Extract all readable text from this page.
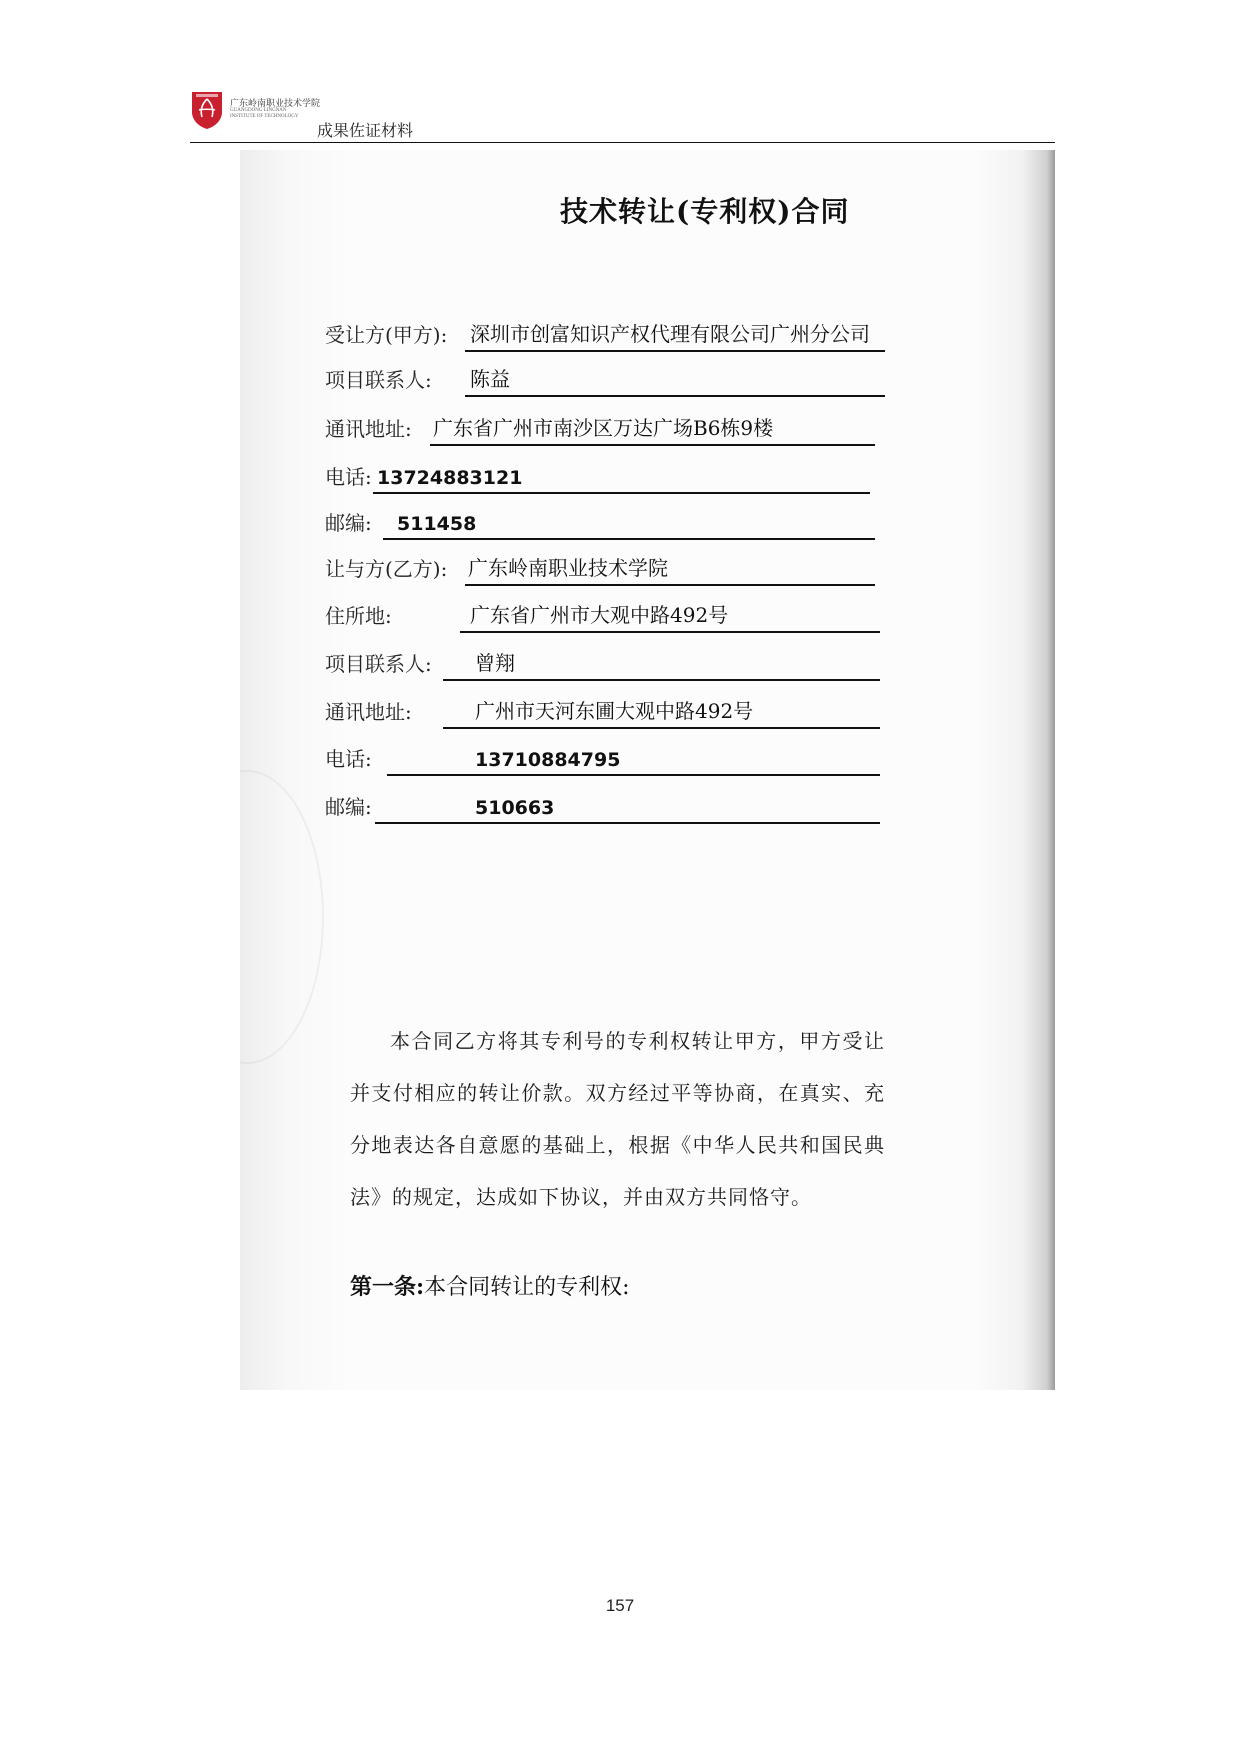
广东岭南职业技术学院
GUANGDONG LINGNAN
INSTITUTE OF TECHNOLOGY
成果佐证材料
技术转让(专利权)合同
受让方(甲方): 深圳市创富知识产权代理有限公司广州分公司
项目联系人: 陈益
通讯地址: 广东省广州市南沙区万达广场B6栋9楼
电话: 13724883121
邮编: 511458
让与方(乙方): 广东岭南职业技术学院
住所地:	广东省广州市大观中路492号
项目联系人: 曾翔
通讯地址:	广州市天河东圃大观中路492号
电话:	13710884795
邮编:	510663
本合同乙方将其专利号的专利权转让甲方，甲方受让并支付相应的转让价款。双方经过平等协商，在真实、充分地表达各自意愿的基础上，根据《中华人民共和国民典法》的规定，达成如下协议，并由双方共同恪守。
第一条:本合同转让的专利权:
157
